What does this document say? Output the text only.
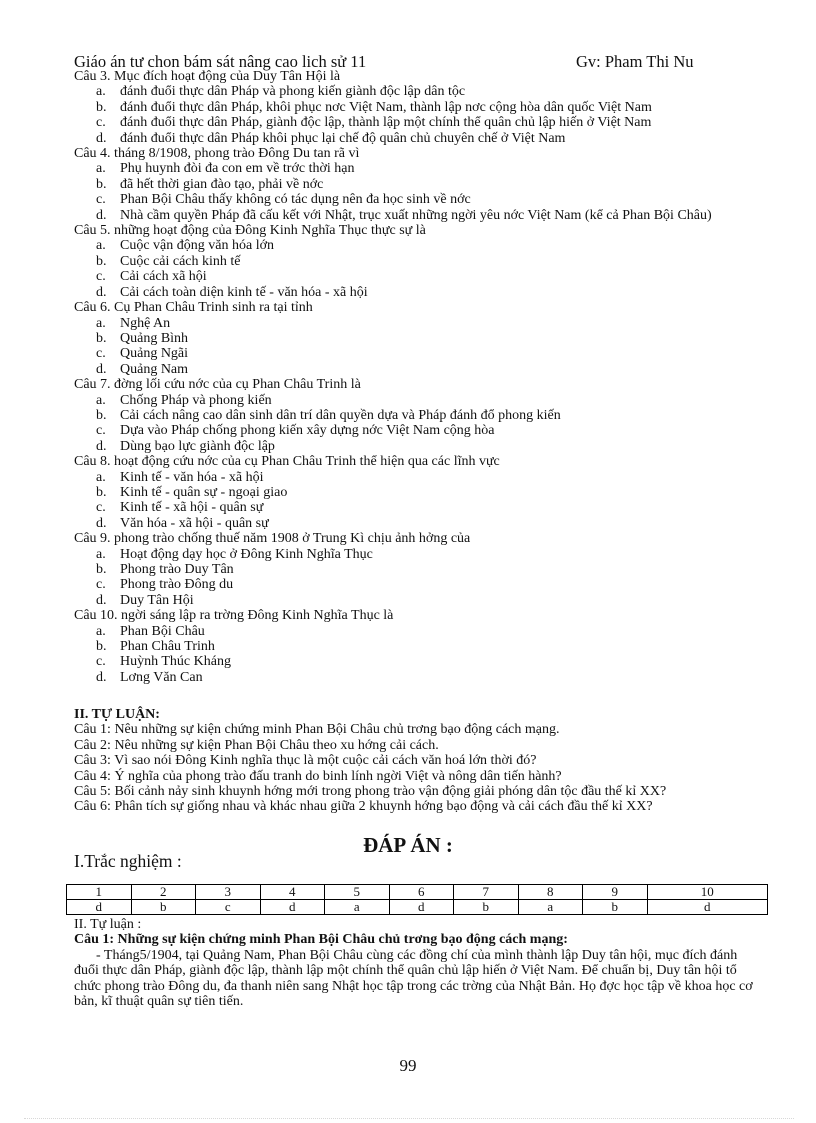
Giáo án tư chon bám sát nâng cao lich sử 11	Gv: Pham Thi Nu
Câu 3. Mục đích hoạt động của Duy Tân Hội là
a. đánh đuổi thực dân Pháp và phong kiến giành độc lập dân tộc
b. đánh đuổi thực dân Pháp, khôi phục nơc Việt Nam, thành lập nơc cộng hòa dân quốc Việt Nam
c. đánh đuổi thực dân Pháp, giành độc lập, thành lập một chính thể quân chủ lập hiến ở Việt Nam
d. đánh đuổi thực dân Pháp khôi phục lại chế độ quân chủ chuyên chế ở Việt Nam
Câu 4. tháng 8/1908, phong trào Đông Du tan rã vì
a. Phụ huynh đòi đa con em về trớc thời hạn
b. đã hết thời gian đào tạo, phải về nớc
c. Phan Bội Châu thấy không có tác dụng nên đa học sinh về nớc
d. Nhà cầm quyền Pháp đã cấu kết với Nhật, trục xuất những ngời yêu nớc Việt Nam (kể cả Phan Bội Châu)
Câu 5. những hoạt động của Đông Kinh Nghĩa Thục thực sự là
a. Cuộc vận động văn hóa lớn
b. Cuộc cải cách kinh tế
c. Cải cách xã hội
d. Cải cách toàn diện kinh tế - văn hóa - xã hội
Câu 6. Cụ Phan Châu Trinh sinh ra tại tỉnh
a. Nghệ An
b. Quảng Bình
c. Quảng Ngãi
d. Quảng Nam
Câu 7. đờng lối cứu nớc của cụ Phan Châu Trinh là
a. Chống Pháp và phong kiến
b. Cải cách nâng cao dân sinh dân trí dân quyền dựa và Pháp đánh đổ phong kiến
c. Dựa vào Pháp chống phong kiến xây dựng nớc Việt Nam cộng hòa
d. Dùng bạo lực giành độc lập
Câu 8. hoạt động cứu nớc của cụ Phan Châu Trinh thể hiện qua các lĩnh vực
a. Kinh tế - văn hóa - xã hội
b. Kinh tế - quân sự - ngoại giao
c. Kinh tế - xã hội - quân sự
d. Văn hóa - xã hội - quân sự
Câu 9. phong trào chống thuế năm 1908 ở Trung Kì chịu ảnh hởng của
a. Hoạt động dạy học ở Đông Kinh Nghĩa Thục
b. Phong trào Duy Tân
c. Phong trào Đông du
d. Duy Tân Hội
Câu 10. ngời sáng lập ra trờng Đông Kinh Nghĩa Thục là
a. Phan Bội Châu
b. Phan Châu Trinh
c. Huỳnh Thúc Kháng
d. Lơng Văn Can
II. TỰ LUẬN:
Câu 1: Nêu những sự kiện chứng minh Phan Bội Châu chủ trơng bạo động cách mạng.
Câu 2: Nêu những sự kiện Phan Bội Châu theo xu hớng cải cách.
Câu 3: Vì sao nói Đông Kinh nghĩa thục là một cuộc cải cách văn hoá lớn thời đó?
Câu 4: Ý nghĩa của phong trào đấu tranh do binh lính ngời Việt và nông dân tiến hành?
Câu 5: Bối cảnh nảy sinh khuynh hớng mới trong phong trào vận động giải phóng dân tộc đầu thế kỉ XX?
Câu 6: Phân tích sự giống nhau và khác nhau giữa 2 khuynh hớng bạo động và cải cách đầu thế kỉ XX?
ĐÁP ÁN :
I.Trắc nghiệm :
1	2	3	4	5	6	7	8	9	10
d	b	c	d	a	d	b	a	b	d
II. Tự luận :
Câu 1: Những sự kiện chứng minh Phan Bội Châu chủ trơng bạo động cách mạng:

- Tháng5/1904, tại Quảng Nam, Phan Bội Châu cùng các đồng chí của mình thành lập Duy tân hội, mục đích đánh đuổi thực dân Pháp, giành độc lập, thành lập một chính thể quân chủ lập hiến ở Việt Nam. Để chuẩn bị, Duy tân hội tổ chức phong trào Đông du, đa thanh niên sang Nhật học tập trong các trờng của Nhật Bản. Họ đợc học tập về khoa học cơ bản, kĩ thuật quân sự tiên tiến.

99
